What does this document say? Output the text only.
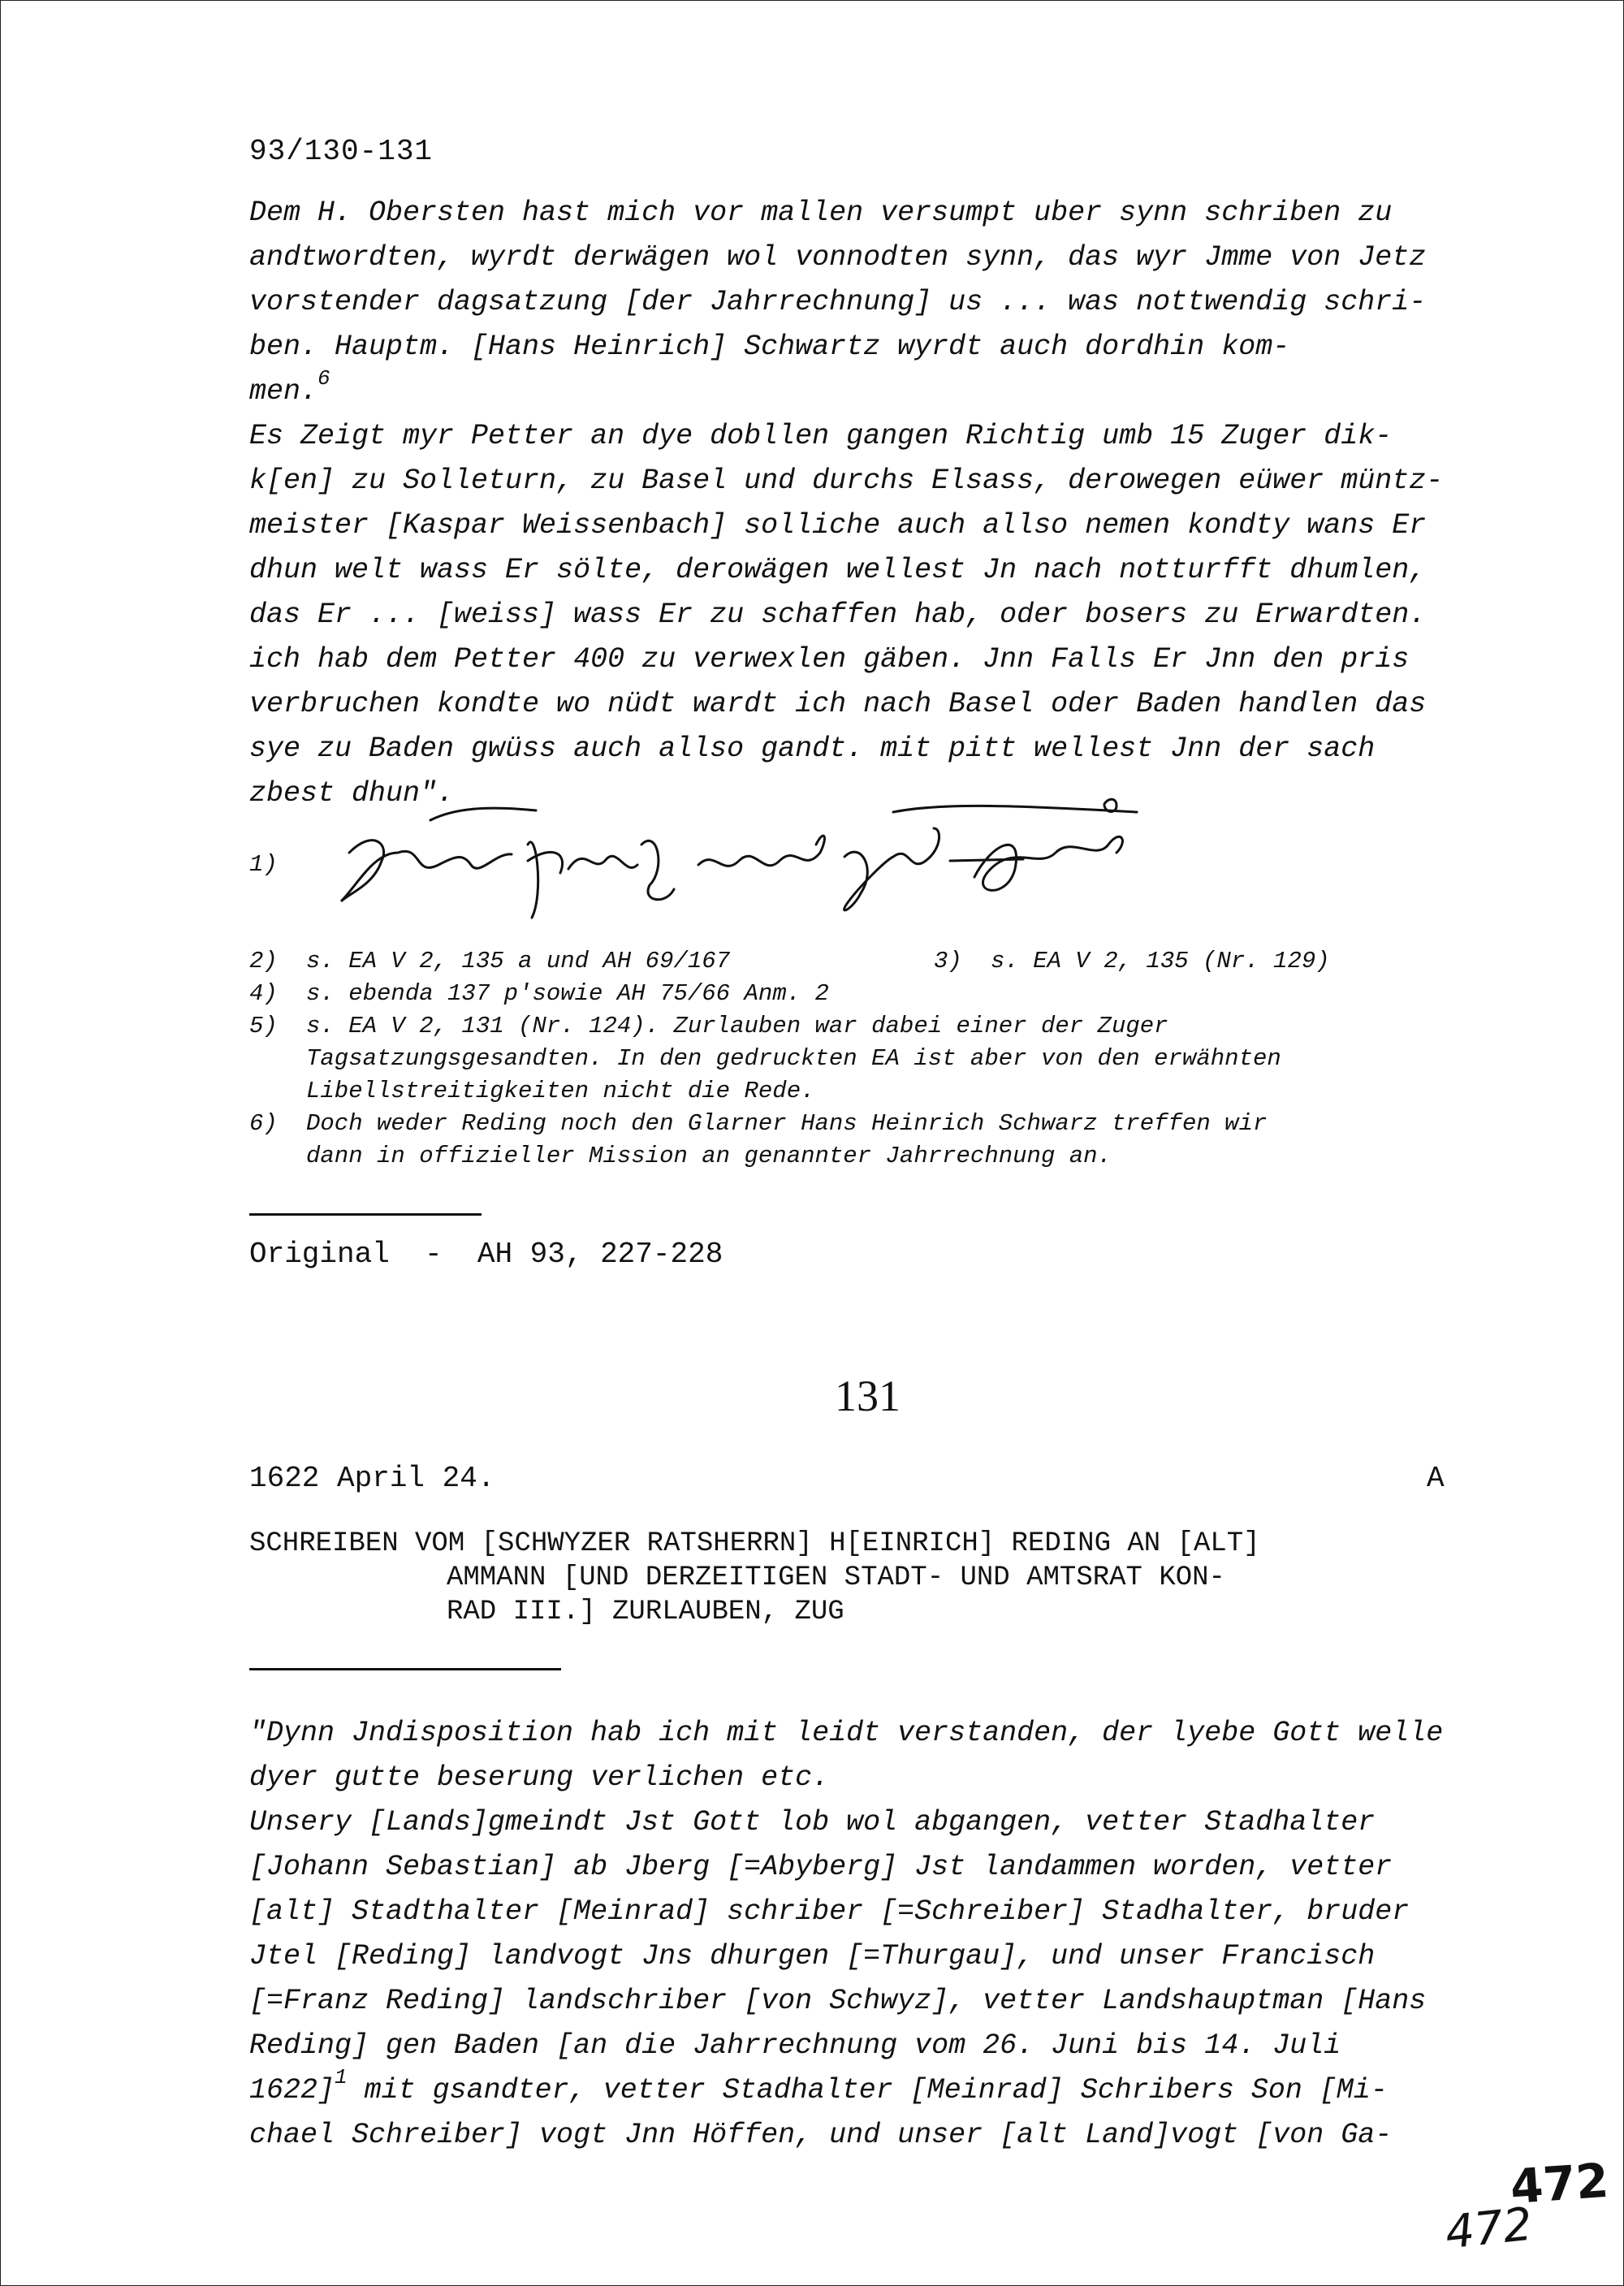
93/130-131
Dem H. Obersten hast mich vor mallen versumpt uber synn schriben zu
andtwordten, wyrdt derwägen wol vonnodten synn, das wyr Jmme von Jetz
vorstender dagsatzung [der Jahrrechnung] us ... was nottwendig schri-
ben. Hauptm. [Hans Heinrich] Schwartz wyrdt auch dordhin kom-
men.$^6$
Es Zeigt myr Petter an dye dobllen gangen Richtig umb 15 Zuger dik-
k[en] zu Solleturn, zu Basel und durchs Elsass, derowegen eüwer müntz-
meister [Kaspar Weissenbach] solliche auch allso nemen kondty wans Er
dhun welt wass Er sölte, derowägen wellest Jn nach notturfft dhumlen,
das Er ... [weiss] wass Er zu schaffen hab, oder bosers zu Erwardten.
ich hab dem Petter 400 zu verwexlen gäben. Jnn Falls Er Jnn den pris
verbruchen kondte wo nüdt wardt ich nach Basel oder Baden handlen das
sye zu Baden gwüss auch allso gandt. mit pitt wellest Jnn der sach
zbest dhun".
1)
2) s. EA V 2, 135 a und AH 69/167	3) s. EA V 2, 135 (Nr. 129)
4) s. ebenda 137 p'sowie AH 75/66 Anm. 2
5) s. EA V 2, 131 (Nr. 124). Zurlauben war dabei einer der Zuger
Tagsatzungsgesandten. In den gedruckten EA ist aber von den erwähnten
Libellstreitigkeiten nicht die Rede.
6) Doch weder Reding noch den Glarner Hans Heinrich Schwarz treffen wir
dann in offizieller Mission an genannter Jahrrechnung an.
Original  -  AH 93, 227-228
131
1622 April 24.	A
SCHREIBEN VOM [SCHWYZER RATSHERRN] H[EINRICH] REDING AN [ALT]
AMMANN [UND DERZEITIGEN STADT- UND AMTSRAT KON-
RAD III.] ZURLAUBEN, ZUG
"Dynn Jndisposition hab ich mit leidt verstanden, der lyebe Gott welle
dyer gutte beserung verlichen etc.
Unsery [Lands]gmeindt Jst Gott lob wol abgangen, vetter Stadhalter
[Johann Sebastian] ab Jberg [=Abyberg] Jst landammen worden, vetter
[alt] Stadthalter [Meinrad] schriber [=Schreiber] Stadhalter, bruder
Jtel [Reding] landvogt Jns dhurgen [=Thurgau], und unser Francisch
[=Franz Reding] landschriber [von Schwyz], vetter Landshauptman [Hans
Reding] gen Baden [an die Jahrrechnung vom 26. Juni bis 14. Juli
1622]$^1$ mit gsandter, vetter Stadhalter [Meinrad] Schribers Son [Mi-
chael Schreiber] vogt Jnn Höffen, und unser [alt Land]vogt [von Ga-
472
472
